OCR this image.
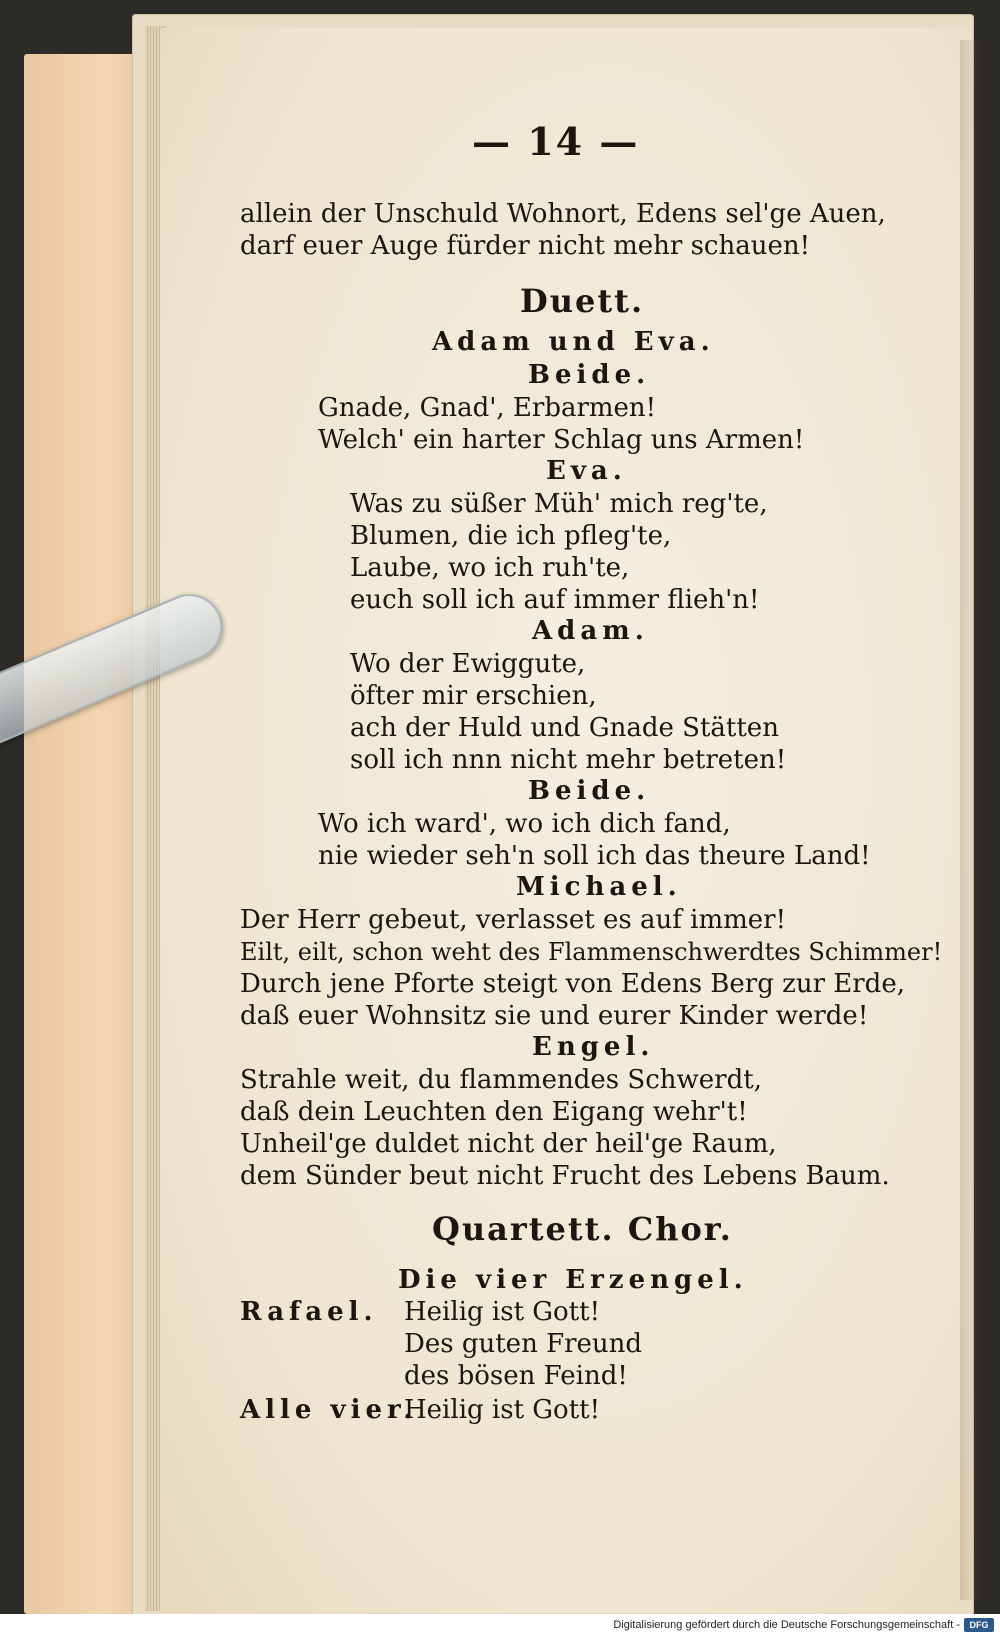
— 14 —
allein der Unschuld Wohnort, Edens sel'ge Auen,
darf euer Auge fürder nicht mehr schauen!
Duett.
Adam und Eva.
Beide.
Gnade, Gnad', Erbarmen!
Welch' ein harter Schlag uns Armen!
Eva.
Was zu süßer Müh' mich reg'te,
Blumen, die ich pfleg'te,
Laube, wo ich ruh'te,
euch soll ich auf immer flieh'n!
Adam.
Wo der Ewiggute,
öfter mir erschien,
ach der Huld und Gnade Stätten
soll ich nnn nicht mehr betreten!
Beide.
Wo ich ward', wo ich dich fand,
nie wieder seh'n soll ich das theure Land!
Michael.
Der Herr gebeut, verlasset es auf immer!
Eilt, eilt, schon weht des Flammenschwerdtes Schimmer!
Durch jene Pforte steigt von Edens Berg zur Erde,
daß euer Wohnsitz sie und eurer Kinder werde!
Engel.
Strahle weit, du flammendes Schwerdt,
daß dein Leuchten den Eigang wehr't!
Unheil'ge duldet nicht der heil'ge Raum,
dem Sünder beut nicht Frucht des Lebens Baum.
Quartett. Chor.
Die vier Erzengel.
Rafael. Heilig ist Gott!
Des guten Freund
des bösen Feind!
Alle vier.
Heilig ist Gott!
Digitalisierung gefördert durch die Deutsche Forschungsgemeinschaft -	DFG
